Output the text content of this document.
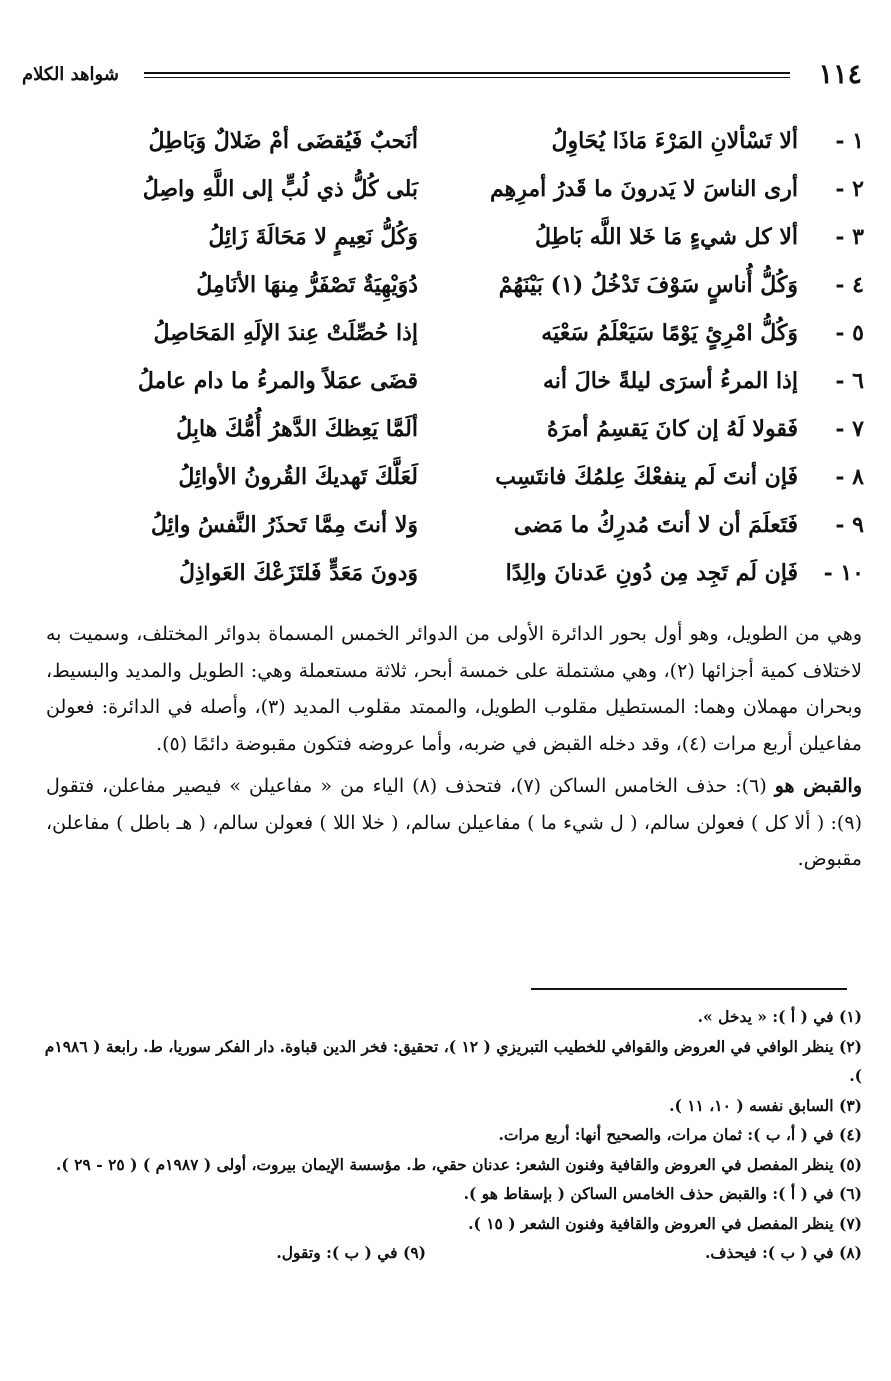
١١٤
شواهد الكلام
١ -
ألا تَسْألانِ المَرْءَ مَاذَا يُحَاوِلُ
أنَحبٌ فَيُقضَى أمْ ضَلالٌ وَبَاطِلُ
٢ -
أرى الناسَ لا يَدرونَ ما قَدرُ أمرِهِم
بَلى كُلُّ ذي لُبٍّ إلى اللَّهِ واصِلُ
٣ -
ألا كل شيءٍ مَا خَلا اللَّه بَاطِلُ
وَكُلُّ نَعِيمٍ لا مَحَالَةَ زَائِلُ
٤ -
وَكُلُّ أُناسٍ سَوْفَ تَدْخُلُ (١) بَيْنَهُمْ
دُوَيْهِيَةٌ تَصْفَرُّ مِنهَا الأنَامِلُ
٥ -
وَكُلُّ امْرِئٍ يَوْمًا سَيَعْلَمُ سَعْيَه
إذا حُصِّلَتْ عِندَ الإلَهِ المَحَاصِلُ
٦ -
إذا المرءُ أسرَى ليلةً خالَ أنه
قضَى عمَلاً والمرءُ ما دام عاملُ
٧ -
فَقولا لَهُ إن كانَ يَقسِمُ أمرَهُ
ألَمَّا يَعِظكَ الدَّهرُ أُمُّكَ هابِلُ
٨ -
فَإن أنتَ لَم ينفعْكَ عِلمُكَ فانتَسِب
لَعَلَّكَ تَهديكَ القُرونُ الأوائِلُ
٩ -
فَتَعلَمَ أن لا أنتَ مُدرِكُ ما مَضى
وَلا أنتَ مِمَّا تَحذَرُ النَّفسُ وائِلُ
١٠ -
فَإن لَم تَجِد مِن دُونِ عَدنانَ والِدًا
وَدونَ مَعَدٍّ فَلتَزَعْكَ العَواذِلُ

وهي من الطويل، وهو أول بحور الدائرة الأولى من الدوائر الخمس المسماة بدوائر المختلف، وسميت به لاختلاف كمية أجزائها (٢)، وهي مشتملة على خمسة أبحر، ثلاثة مستعملة وهي: الطويل والمديد والبسيط، وبحران مهملان وهما: المستطيل مقلوب الطويل، والممتد مقلوب المديد (٣)، وأصله في الدائرة: فعولن مفاعيلن أربع مرات (٤)، وقد دخله القبض في ضربه، وأما عروضه فتكون مقبوضة دائمًا (٥).

والقبض هو (٦): حذف الخامس الساكن (٧)، فتحذف (٨) الياء من « مفاعيلن » فيصير مفاعلن، فتقول (٩): ( ألا كل ) فعولن سالم، ( ل شيء ما ) مفاعيلن سالم، ( خلا اللا ) فعولن سالم، ( هـ باطل ) مفاعلن، مقبوض.

(١) في ( أ ): « يدخل ».

(٢) ينظر الوافي في العروض والقوافي للخطيب التبريزي ( ١٢ )، تحقيق: فخر الدين قباوة. دار الفكر سوريا، ط. رابعة ( ١٩٨٦م ).

(٣) السابق نفسه ( ١٠، ١١ ).

(٤) في ( أ، ب ): ثمان مرات، والصحيح أنها: أربع مرات.

(٥) ينظر المفصل في العروض والقافية وفنون الشعر: عدنان حقي، ط. مؤسسة الإيمان بيروت، أولى ( ١٩٨٧م ) ( ٢٥ - ٢٩ ).

(٦) في ( أ ): والقبض حذف الخامس الساكن ( بإسقاط هو ).

(٧) ينظر المفصل في العروض والقافية وفنون الشعر ( ١٥ ).

(٨) في ( ب ): فيحذف.
(٩) في ( ب ): وتقول.
